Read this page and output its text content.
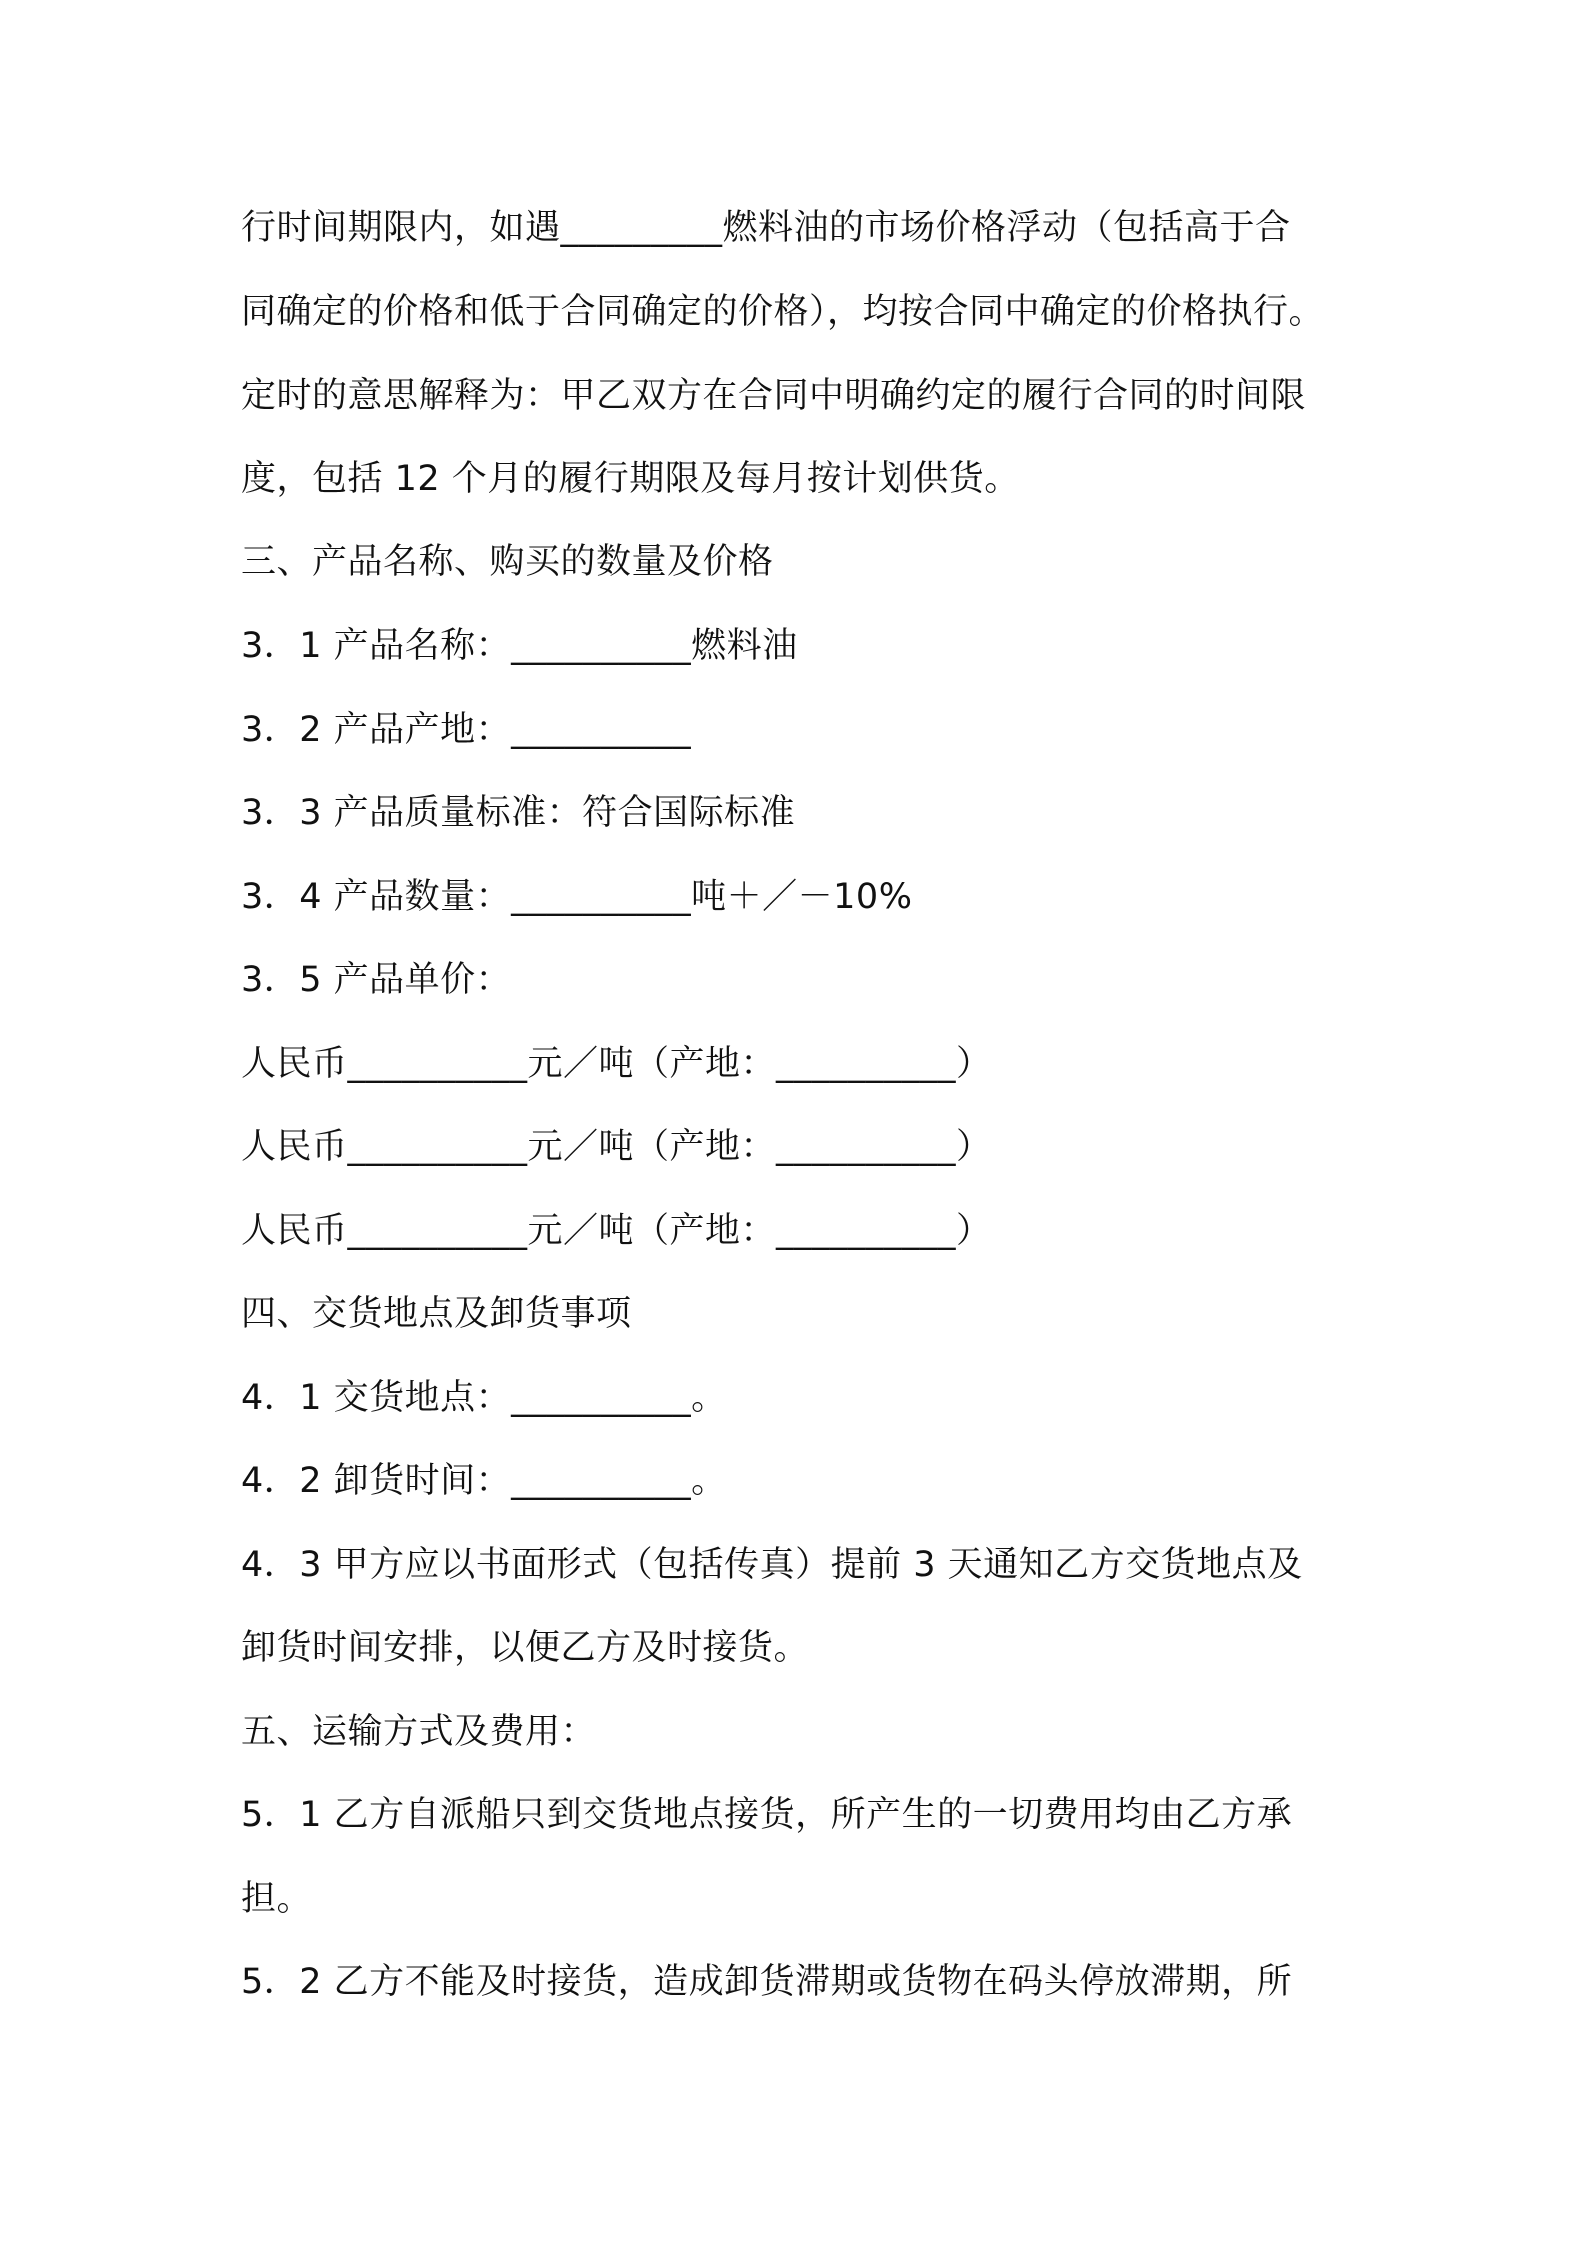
行时间期限内，如遇_________燃料油的市场价格浮动（包括高于合
同确定的价格和低于合同确定的价格），均按合同中确定的价格执行。
定时的意思解释为：甲乙双方在合同中明确约定的履行合同的时间限
度，包括 12 个月的履行期限及每月按计划供货。
三、产品名称、购买的数量及价格
3．1 产品名称：__________燃料油
3．2 产品产地：__________
3．3 产品质量标准：符合国际标准
3．4 产品数量：__________吨＋／－10%
3．5 产品单价：
人民币__________元／吨（产地：__________）
人民币__________元／吨（产地：__________）
人民币__________元／吨（产地：__________）
四、交货地点及卸货事项
4．1 交货地点：__________。
4．2 卸货时间：__________。
4．3 甲方应以书面形式（包括传真）提前 3 天通知乙方交货地点及
卸货时间安排，以便乙方及时接货。
五、运输方式及费用：
5．1 乙方自派船只到交货地点接货，所产生的一切费用均由乙方承
担。
5．2 乙方不能及时接货，造成卸货滞期或货物在码头停放滞期，所
